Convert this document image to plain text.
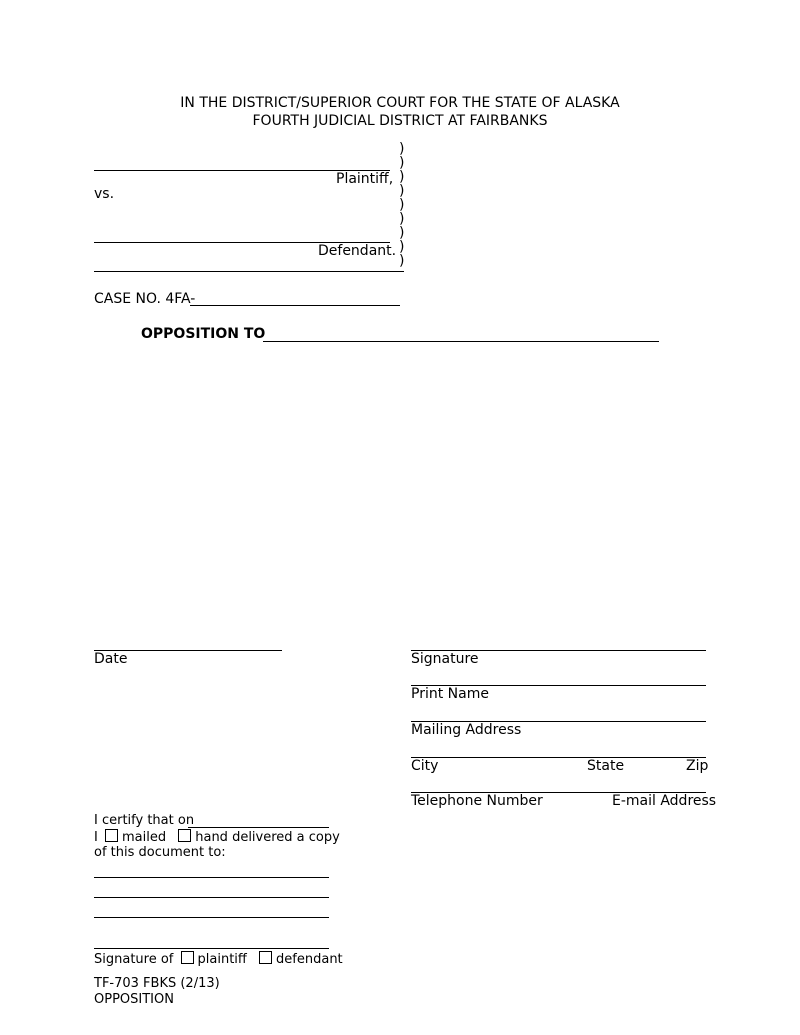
IN THE DISTRICT/SUPERIOR COURT FOR THE STATE OF ALASKA
FOURTH JUDICIAL DISTRICT AT FAIRBANKS
Plaintiff,
vs.
Defendant.
)
)
)
)
)
)
)
)
)
CASE NO. 4FA-
OPPOSITION TO
Date	Signature
Print Name
Mailing Address
City	State	Zip
Telephone Number	E-mail Address
I certify that on
I mailed hand delivered a copy
of this document to:
Signature of plaintiff defendant
TF-703 FBKS (2/13)
OPPOSITION
